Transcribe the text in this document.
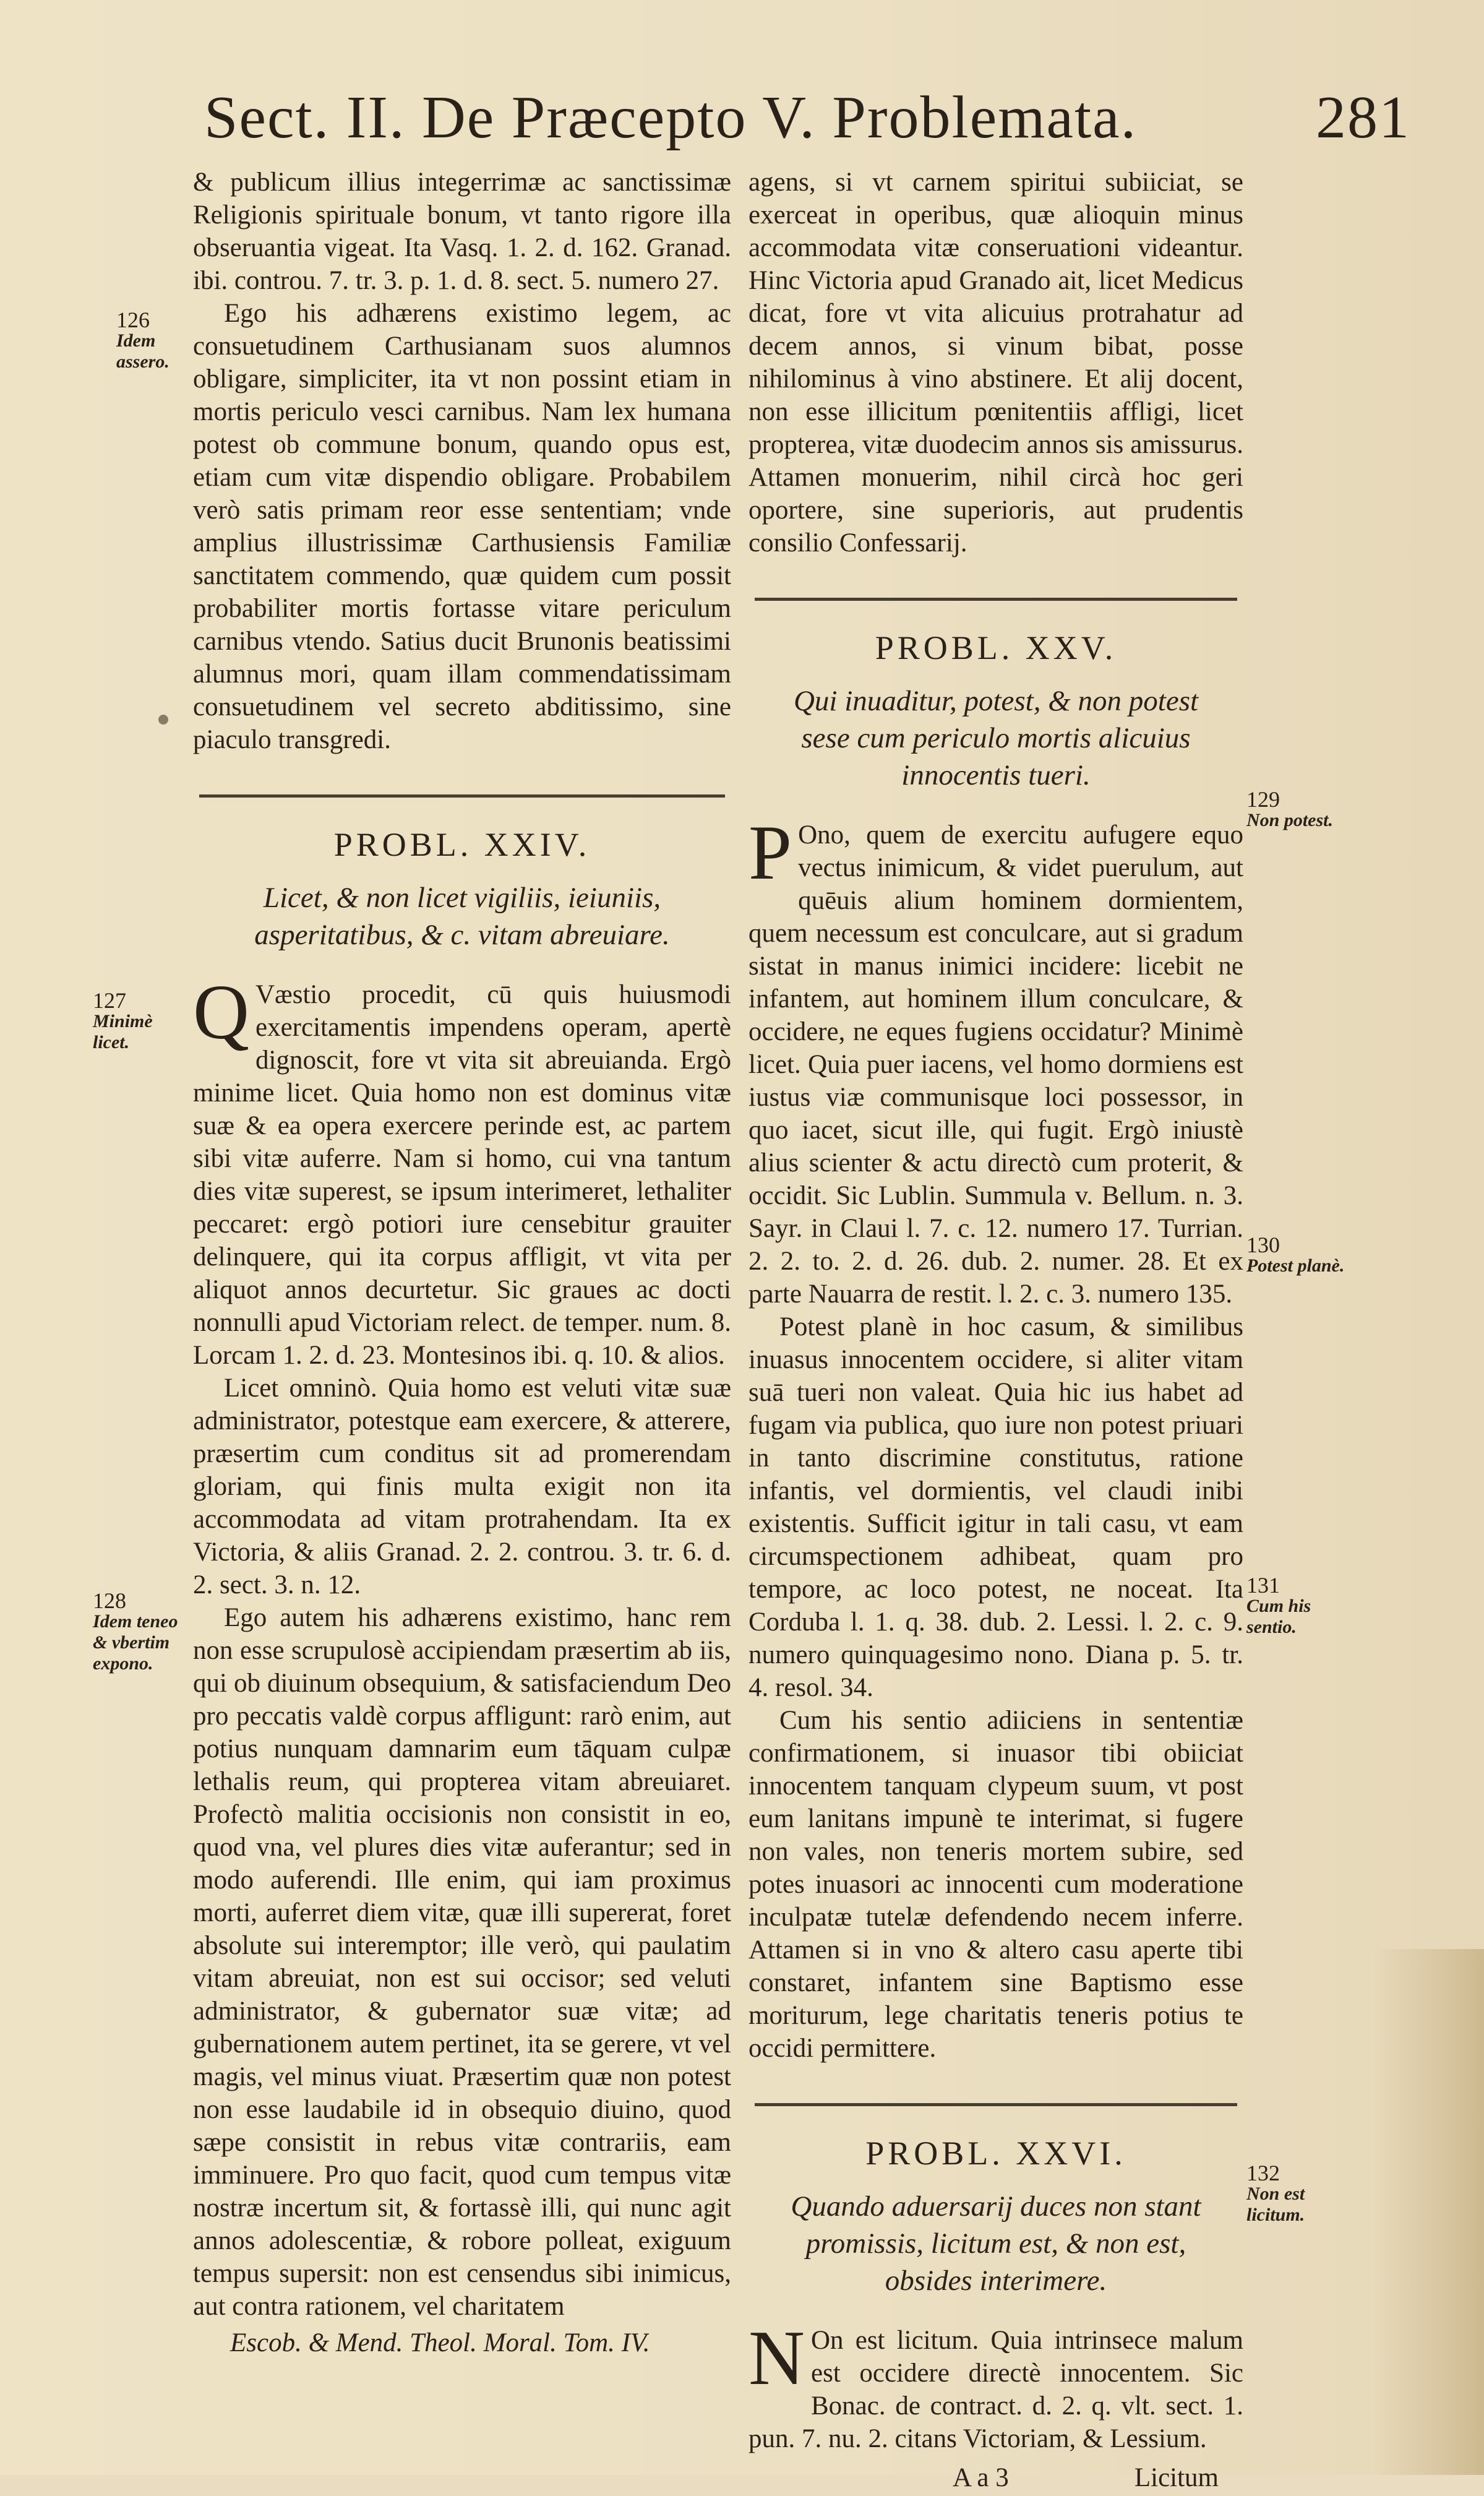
Sect. II. De Præcepto V. Problemata.	281

& publicum illius integerrimæ ac sanctissimæ Religionis spirituale bonum, vt tanto rigore illa obseruantia vigeat. Ita Vasq. 1. 2. d. 162. Granad. ibi. controu. 7. tr. 3. p. 1. d. 8. sect. 5. numero 27.

Ego his adhærens existimo legem, ac consuetudinem Carthusianam suos alumnos obligare, simpliciter, ita vt non possint etiam in mortis periculo vesci carnibus. Nam lex humana potest ob commune bonum, quando opus est, etiam cum vitæ dispendio obligare. Probabilem verò satis primam reor esse sententiam; vnde amplius illustrissimæ Carthusiensis Familiæ sanctitatem commendo, quæ quidem cum possit probabiliter mortis fortasse vitare periculum carnibus vtendo. Satius ducit Brunonis beatissimi alumnus mori, quam illam commendatissimam consuetudinem vel secreto abditissimo, sine piaculo transgredi.

PROBL. XXIV.
Licet, & non licet vigiliis, ieiuniis, asperitatibus, & c. vitam abreuiare.

Q Væstio procedit, cū quis huiusmodi exercitamentis impendens operam, apertè dignoscit, fore vt vita sit abreuianda. Ergò minime licet. Quia homo non est dominus vitæ suæ & ea opera exercere perinde est, ac partem sibi vitæ auferre. Nam si homo, cui vna tantum dies vitæ superest, se ipsum interimeret, lethaliter peccaret: ergò potiori iure censebitur grauiter delinquere, qui ita corpus affligit, vt vita per aliquot annos decurtetur. Sic graues ac docti nonnulli apud Victoriam relect. de temper. num. 8. Lorcam 1. 2. d. 23. Montesinos ibi. q. 10. & alios.

Licet omninò. Quia homo est veluti vitæ suæ administrator, potestque eam exercere, & atterere, præsertim cum conditus sit ad promerendam gloriam, qui finis multa exigit non ita accommodata ad vitam protrahendam. Ita ex Victoria, & aliis Granad. 2. 2. controu. 3. tr. 6. d. 2. sect. 3. n. 12.

Ego autem his adhærens existimo, hanc rem non esse scrupulosè accipiendam præsertim ab iis, qui ob diuinum obsequium, & satisfaciendum Deo pro peccatis valdè corpus affligunt: rarò enim, aut potius nunquam damnarim eum tāquam culpæ lethalis reum, qui propterea vitam abreuiaret. Profectò malitia occisionis non consistit in eo, quod vna, vel plures dies vitæ auferantur; sed in modo auferendi. Ille enim, qui iam proximus morti, auferret diem vitæ, quæ illi supererat, foret absolute sui interemptor; ille verò, qui paulatim vitam abreuiat, non est sui occisor; sed veluti administrator, & gubernator suæ vitæ; ad gubernationem autem pertinet, ita se gerere, vt vel magis, vel minus viuat. Præsertim quæ non potest non esse laudabile id in obsequio diuino, quod sæpe consistit in rebus vitæ contrariis, eam imminuere. Pro quo facit, quod cum tempus vitæ nostræ incertum sit, & fortassè illi, qui nunc agit annos adolescentiæ, & robore polleat, exiguum tempus supersit: non est censendus sibi inimicus, aut contra rationem, vel charitatem

Escob. & Mend. Theol. Moral. Tom. IV.

agens, si vt carnem spiritui subiiciat, se exerceat in operibus, quæ alioquin minus accommodata vitæ conseruationi videantur. Hinc Victoria apud Granado ait, licet Medicus dicat, fore vt vita alicuius protrahatur ad decem annos, si vinum bibat, posse nihilominus à vino abstinere. Et alij docent, non esse illicitum pœnitentiis affligi, licet propterea, vitæ duodecim annos sis amissurus. Attamen monuerim, nihil circà hoc geri oportere, sine superioris, aut prudentis consilio Confessarij.

PROBL. XXV.
Qui inuaditur, potest, & non potest sese cum periculo mortis alicuius innocentis tueri.

P Ono, quem de exercitu aufugere equo vectus inimicum, & videt puerulum, aut quēuis alium hominem dormientem, quem necessum est conculcare, aut si gradum sistat in manus inimici incidere: licebit ne infantem, aut hominem illum conculcare, & occidere, ne eques fugiens occidatur? Minimè licet. Quia puer iacens, vel homo dormiens est iustus viæ communisque loci possessor, in quo iacet, sicut ille, qui fugit. Ergò iniustè alius scienter & actu directò cum proterit, & occidit. Sic Lublin. Summula v. Bellum. n. 3. Sayr. in Claui l. 7. c. 12. numero 17. Turrian. 2. 2. to. 2. d. 26. dub. 2. numer. 28. Et ex parte Nauarra de restit. l. 2. c. 3. numero 135.

Potest planè in hoc casum, & similibus inuasus innocentem occidere, si aliter vitam suā tueri non valeat. Quia hic ius habet ad fugam via publica, quo iure non potest priuari in tanto discrimine constitutus, ratione infantis, vel dormientis, vel claudi inibi existentis. Sufficit igitur in tali casu, vt eam circumspectionem adhibeat, quam pro tempore, ac loco potest, ne noceat. Ita Corduba l. 1. q. 38. dub. 2. Lessi. l. 2. c. 9. numero quinquagesimo nono. Diana p. 5. tr. 4. resol. 34.

Cum his sentio adiiciens in sententiæ confirmationem, si inuasor tibi obiiciat innocentem tanquam clypeum suum, vt post eum lanitans impunè te interimat, si fugere non vales, non teneris mortem subire, sed potes inuasori ac innocenti cum moderatione inculpatæ tutelæ defendendo necem inferre. Attamen si in vno & altero casu aperte tibi constaret, infantem sine Baptismo esse moriturum, lege charitatis teneris potius te occidi permittere.

PROBL. XXVI.
Quando aduersarij duces non stant promissis, licitum est, & non est, obsides interimere.

N On est licitum. Quia intrinsece malum est occidere directè innocentem. Sic Bonac. de contract. d. 2. q. vlt. sect. 1. pun. 7. nu. 2. citans Victoriam, & Lessium.

A a 3	Licitum
126
Idem assero.
127
Minimè licet.
128
Idem teneo & vbertim expono.
129
Non potest.
130
Potest planè.
131
Cum his sentio.
132
Non est licitum.
